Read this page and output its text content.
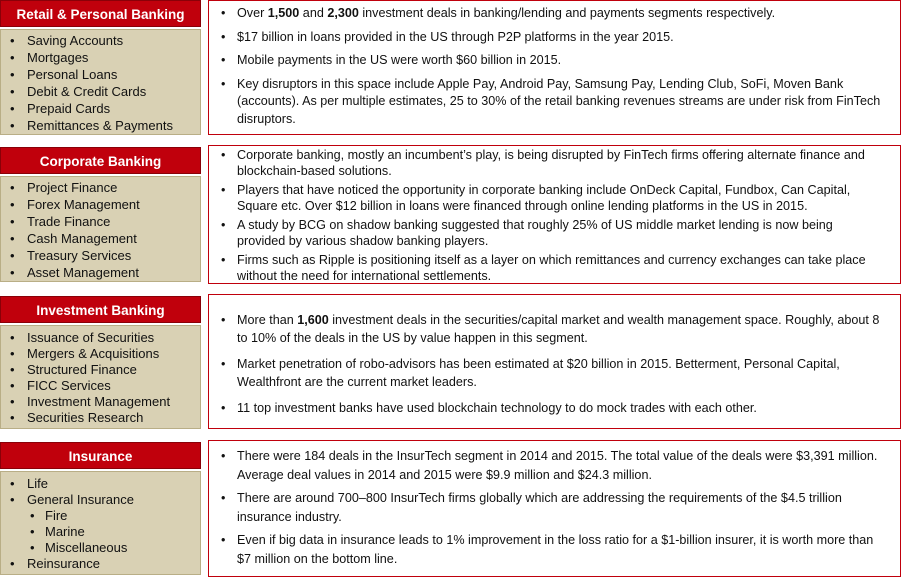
Retail & Personal Banking
• Saving Accounts
• Mortgages
• Personal Loans
• Debit & Credit Cards
• Prepaid Cards
• Remittances & Payments
• Over 1,500 and 2,300 investment deals in banking/lending and payments segments respectively.
• $17 billion in loans provided in the US through P2P platforms in the year 2015.
• Mobile payments in the US were worth $60 billion in 2015.
• Key disruptors in this space include Apple Pay, Android Pay, Samsung Pay, Lending Club, SoFi, Moven Bank (accounts). As per multiple estimates, 25 to 30% of the retail banking revenues streams are under risk from FinTech disruptors.
Corporate Banking
• Project Finance
• Forex Management
• Trade Finance
• Cash Management
• Treasury Services
• Asset Management
• Corporate banking, mostly an incumbent’s play, is being disrupted by FinTech firms offering alternate finance and blockchain-based solutions.
• Players that have noticed the opportunity in corporate banking include OnDeck Capital, Fundbox, Can Capital, Square etc. Over $12 billion in loans were financed through online lending platforms in the US in 2015.
• A study by BCG on shadow banking suggested that roughly 25% of US middle market lending is now being provided by various shadow banking players.
• Firms such as Ripple is positioning itself as a layer on which remittances and currency exchanges can take place without the need for international settlements.
Investment Banking
• Issuance of Securities
• Mergers & Acquisitions
• Structured Finance
• FICC Services
• Investment Management
• Securities Research
• More than 1,600 investment deals in the securities/capital market and wealth management space. Roughly, about 8 to 10% of the deals in the US by value happen in this segment.
• Market penetration of robo-advisors has been estimated at $20 billion in 2015. Betterment, Personal Capital, Wealthfront are the current market leaders.
• 11 top investment banks have used blockchain technology to do mock trades with each other.
Insurance
• Life
• General Insurance
• Fire
• Marine
• Miscellaneous
• Reinsurance
• There were 184 deals in the InsurTech segment in 2014 and 2015. The total value of the deals were $3,391 million. Average deal values in 2014 and 2015 were $9.9 million and $24.3 million.
• There are around 700–800 InsurTech firms globally which are addressing the requirements of the $4.5 trillion insurance industry.
• Even if big data in insurance leads to 1% improvement in the loss ratio for a $1-billion insurer, it is worth more than $7 million on the bottom line.
